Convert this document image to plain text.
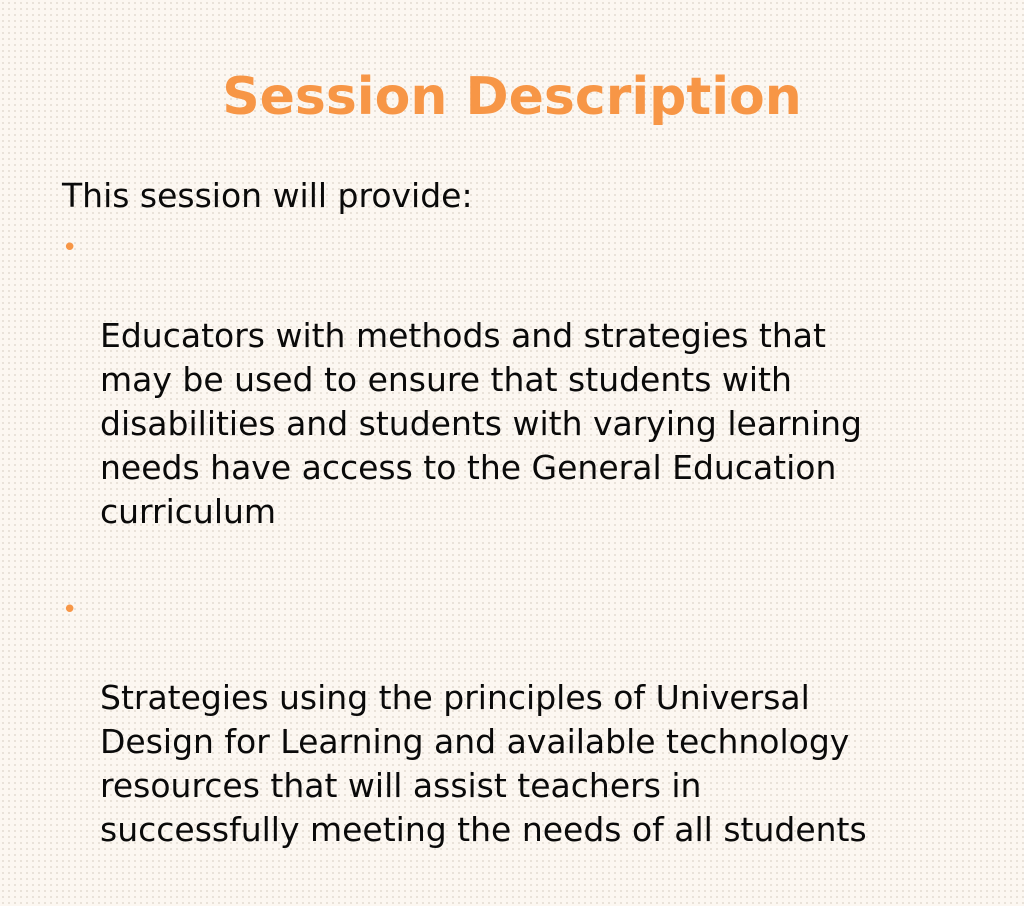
Session Description

This session will provide:

•

Educators with methods and strategies that
may be used to ensure that students with
disabilities and students with varying learning
needs have access to the General Education
curriculum

•

Strategies using the principles of Universal
Design for Learning and available technology
resources that will assist teachers in
successfully meeting the needs of all students
